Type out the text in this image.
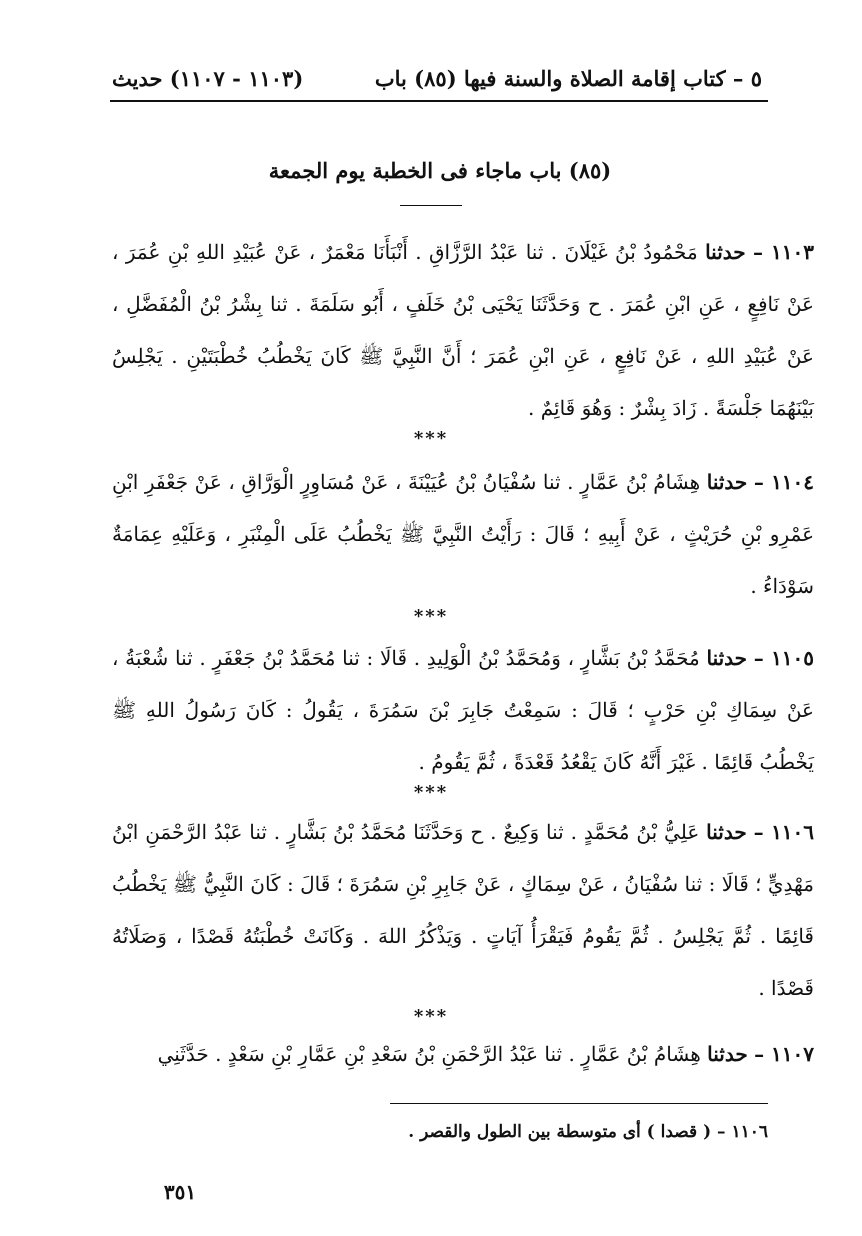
٥ – كتاب إقامة الصلاة والسنة فيها (٨٥) باب
(١١٠٣ - ١١٠٧) حديث
(٨٥) باب ماجاء فى الخطبة يوم الجمعة
١١٠٣ – حدثنا مَحْمُودُ بْنُ غَيْلَانَ . ثنا عَبْدُ الرَّزَّاقِ . أَنْبَأَنَا مَعْمَرٌ ، عَنْ عُبَيْدِ اللهِ بْنِ عُمَرَ ، عَنْ نَافِعٍ ، عَنِ ابْنِ عُمَرَ . ح وَحَدَّثَنَا يَحْيَى بْنُ خَلَفٍ ، أَبُو سَلَمَةَ . ثنا بِشْرُ بْنُ الْمُفَضَّلِ ، عَنْ عُبَيْدِ اللهِ ، عَنْ نَافِعٍ ، عَنِ ابْنِ عُمَرَ ؛ أَنَّ النَّبِيَّ ﷺ كَانَ يَخْطُبُ خُطْبَتَيْنِ . يَجْلِسُ بَيْنَهُمَا جَلْسَةً . زَادَ بِشْرٌ : وَهُوَ قَائِمٌ .
***
١١٠٤ – حدثنا هِشَامُ بْنُ عَمَّارٍ . ثنا سُفْيَانُ بْنُ عُيَيْنَةَ ، عَنْ مُسَاوِرٍ الْوَرَّاقِ ، عَنْ جَعْفَرِ ابْنِ عَمْرِو بْنِ حُرَيْثٍ ، عَنْ أَبِيهِ ؛ قَالَ : رَأَيْتُ النَّبِيَّ ﷺ يَخْطُبُ عَلَى الْمِنْبَرِ ، وَعَلَيْهِ عِمَامَةٌ سَوْدَاءُ .
***
١١٠٥ – حدثنا مُحَمَّدُ بْنُ بَشَّارٍ ، وَمُحَمَّدُ بْنُ الْوَلِيدِ . قَالَا : ثنا مُحَمَّدُ بْنُ جَعْفَرٍ . ثنا شُعْبَةُ ، عَنْ سِمَاكِ بْنِ حَرْبٍ ؛ قَالَ : سَمِعْتُ جَابِرَ بْنَ سَمُرَةَ ، يَقُولُ : كَانَ رَسُولُ اللهِ ﷺ يَخْطُبُ قَائِمًا . غَيْرَ أَنَّهُ كَانَ يَقْعُدُ قَعْدَةً ، ثُمَّ يَقُومُ .
***
١١٠٦ – حدثنا عَلِيُّ بْنُ مُحَمَّدٍ . ثنا وَكِيعٌ . ح وَحَدَّثَنَا مُحَمَّدُ بْنُ بَشَّارٍ . ثنا عَبْدُ الرَّحْمَنِ ابْنُ مَهْدِيٍّ ؛ قَالَا : ثنا سُفْيَانُ ، عَنْ سِمَاكٍ ، عَنْ جَابِرِ بْنِ سَمُرَةَ ؛ قَالَ : كَانَ النَّبِيُّ ﷺ يَخْطُبُ قَائِمًا . ثُمَّ يَجْلِسُ . ثُمَّ يَقُومُ فَيَقْرَأُ آيَاتٍ . وَيَذْكُرُ اللهَ . وَكَانَتْ خُطْبَتُهُ قَصْدًا ، وَصَلَاتُهُ قَصْدًا .
***
١١٠٧ – حدثنا هِشَامُ بْنُ عَمَّارٍ . ثنا عَبْدُ الرَّحْمَنِ بْنُ سَعْدِ بْنِ عَمَّارِ بْنِ سَعْدٍ . حَدَّثَنِي
١١٠٦ – ( قصدا ) أى متوسطة بين الطول والقصر .
٣٥١
